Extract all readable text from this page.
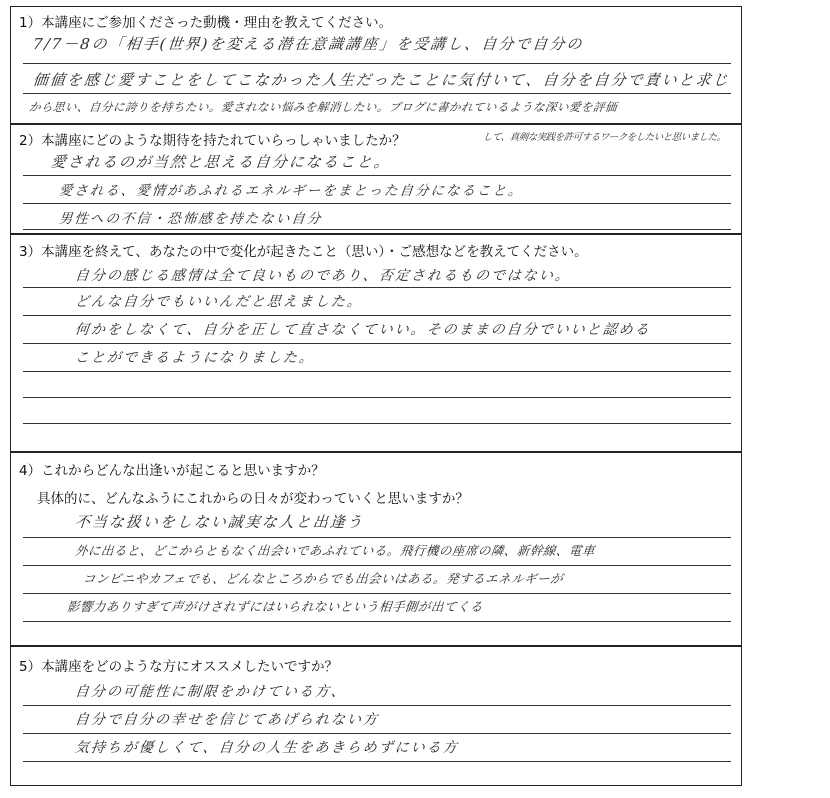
1）本講座にご参加くださった動機・理由を教えてください。
7/7－8の「相手(世界)を変える潜在意識講座」を受講し、自分で自分の
価値を感じ愛すことをしてこなかった人生だったことに気付いて、自分を自分で責いと求じ
から思い、自分に誇りを持ちたい。愛されない悩みを解消したい。ブログに書かれているような深い愛を評価
2）本講座にどのような期待を持たれていらっしゃいましたか？	して、真剣な実践を許可するワークをしたいと思いました。
愛されるのが当然と思える自分になること。
愛される、愛情があふれるエネルギーをまとった自分になること。
男性への不信・恐怖感を持たない自分
3）本講座を終えて、あなたの中で変化が起きたこと（思い）・ご感想などを教えてください。
自分の感じる感情は全て良いものであり、否定されるものではない。
どんな自分でもいいんだと思えました。
何かをしなくて、自分を正して直さなくていい。そのままの自分でいいと認める
ことができるようになりました。
4）これからどんな出逢いが起こると思いますか？
具体的に、どんなふうにこれからの日々が変わっていくと思いますか？
不当な扱いをしない誠実な人と出逢う
外に出ると、どこからともなく出会いであふれている。飛行機の座席の隣、新幹線、電車
コンビニやカフェでも、どんなところからでも出会いはある。発するエネルギーが
影響力ありすぎて声がけされずにはいられないという相手側が出てくる
5）本講座をどのような方にオススメしたいですか？
自分の可能性に制限をかけている方、
自分で自分の幸せを信じてあげられない方
気持ちが優しくて、自分の人生をあきらめずにいる方
